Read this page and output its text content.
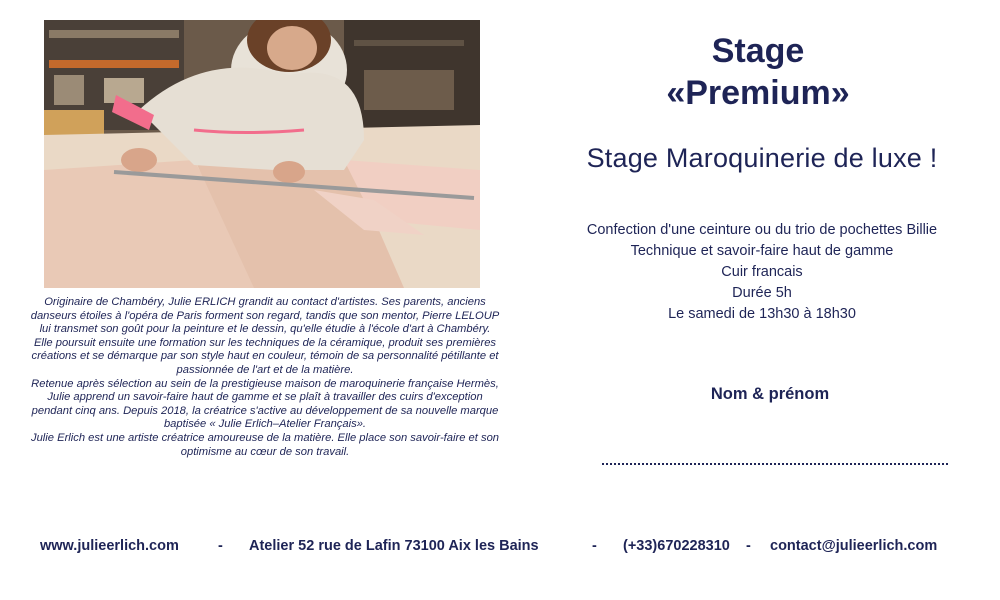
Originaire de Chambéry, Julie ERLICH grandit au contact d'artistes. Ses parents, anciens danseurs étoiles à l'opéra de Paris forment son regard, tandis que son mentor, Pierre LELOUP lui transmet son goût pour la peinture et le dessin, qu'elle étudie à l'école d'art à Chambéry. Elle poursuit ensuite une formation sur les techniques de la céramique, produit ses premières créations et se démarque par son style haut en couleur, témoin de sa personnalité pétillante et passionnée de l'art et de la matière.

Retenue après sélection au sein de la prestigieuse maison de maroquinerie française Hermès, Julie apprend un savoir-faire haut de gamme et se plaît à travailler des cuirs d'exception pendant cinq ans. Depuis 2018, la créatrice s'active au développement de sa nouvelle marque baptisée « Julie Erlich–Atelier Français».

Julie Erlich est une artiste créatrice amoureuse de la matière. Elle place son savoir-faire et son optimisme au cœur de son travail.

Stage
«Premium»
Stage Maroquinerie de luxe !
Confection d'une ceinture ou du trio de pochettes Billie
Technique et savoir-faire haut de gamme
Cuir francais
Durée 5h
Le samedi de 13h30 à 18h30
Nom & prénom
www.julieerlich.com	- Atelier 52 rue de Lafin 73100 Aix les Bains	- (+33)670228310 - contact@julieerlich.com
